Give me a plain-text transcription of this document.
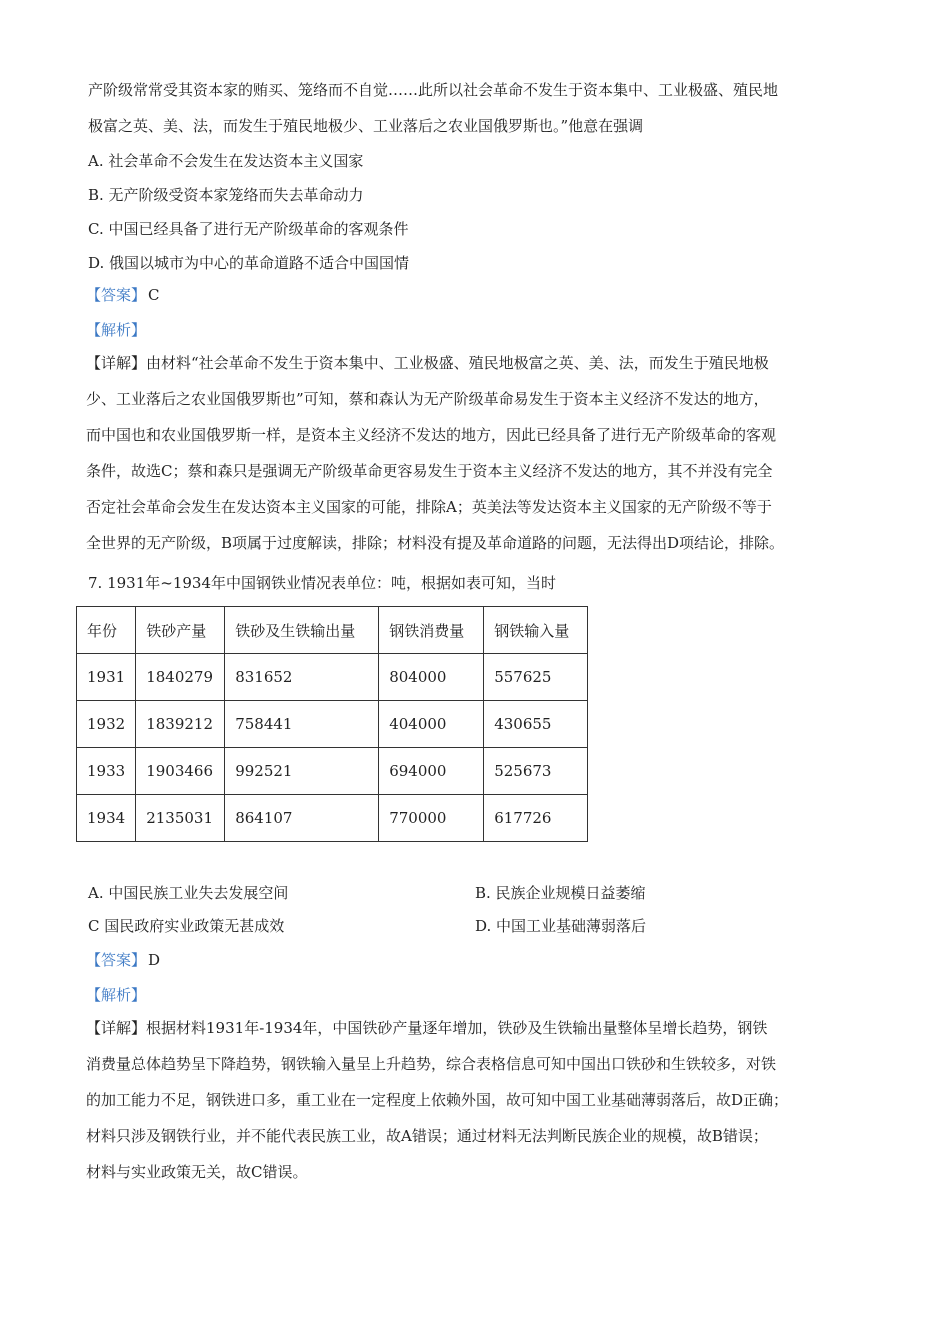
产阶级常常受其资本家的贿买、笼络而不自觉……此所以社会革命不发生于资本集中、工业极盛、殖民地
极富之英、美、法，而发生于殖民地极少、工业落后之农业国俄罗斯也。”他意在强调
A. 社会革命不会发生在发达资本主义国家
B. 无产阶级受资本家笼络而失去革命动力
C. 中国已经具备了进行无产阶级革命的客观条件
D. 俄国以城市为中心的革命道路不适合中国国情
【答案】 C
【解析】
【详解】由材料“社会革命不发生于资本集中、工业极盛、殖民地极富之英、美、法，而发生于殖民地极
少、工业落后之农业国俄罗斯也”可知，蔡和森认为无产阶级革命易发生于资本主义经济不发达的地方，
而中国也和农业国俄罗斯一样，是资本主义经济不发达的地方，因此已经具备了进行无产阶级革命的客观
条件，故选C；蔡和森只是强调无产阶级革命更容易发生于资本主义经济不发达的地方，其不并没有完全
否定社会革命会发生在发达资本主义国家的可能，排除A；英美法等发达资本主义国家的无产阶级不等于
全世界的无产阶级，B项属于过度解读，排除；材料没有提及革命道路的问题，无法得出D项结论，排除。
7. 1931年~1934年中国钢铁业情况表单位：吨，根据如表可知，当时
年份	铁砂产量	铁砂及生铁输出量	钢铁消费量	钢铁输入量
1931	1840279	831652	804000	557625
1932	1839212	758441	404000	430655
1933	1903466	992521	694000	525673
1934	2135031	864107	770000	617726
A. 中国民族工业失去发展空间	B. 民族企业规模日益萎缩
C 国民政府实业政策无甚成效	D. 中国工业基础薄弱落后
【答案】 D
【解析】
【详解】根据材料1931年-1934年，中国铁砂产量逐年增加，铁砂及生铁输出量整体呈增长趋势，钢铁
消费量总体趋势呈下降趋势，钢铁输入量呈上升趋势，综合表格信息可知中国出口铁砂和生铁较多，对铁
的加工能力不足，钢铁进口多，重工业在一定程度上依赖外国，故可知中国工业基础薄弱落后，故D正确；
材料只涉及钢铁行业，并不能代表民族工业，故A错误；通过材料无法判断民族企业的规模，故B错误；
材料与实业政策无关，故C错误。
